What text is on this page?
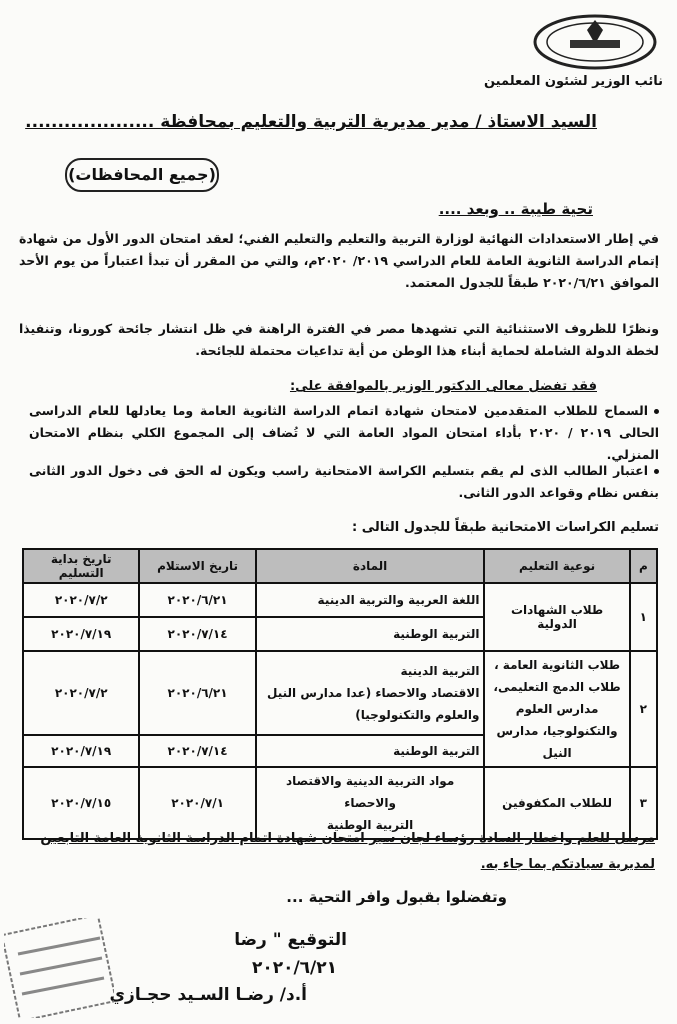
نائب الوزير لشئون المعلمين
السيد الاستاذ / مدير مديرية التربية والتعليم بمحافظة ....................
(جميع المحافظات)
تحية طيبة .. وبعد ....
في إطار الاستعدادات النهائية لوزارة التربية والتعليم والتعليم الفني؛ لعقد امتحان الدور الأول من شهادة إتمام الدراسة الثانوية العامة للعام الدراسي ٢٠١٩/ ٢٠٢٠م، والتي من المقرر أن تبدأ اعتباراً من يوم الأحد الموافق ٢٠٢٠/٦/٢١ طبقاً للجدول المعتمد.
ونظرًا للظروف الاستثنائية التي تشهدها مصر في الفترة الراهنة في ظل انتشار جائحة كورونا، وتنفيذا لخطة الدولة الشاملة لحماية أبناء هذا الوطن من أية تداعيات محتملة للجائحة.
فقد تفضل معالى الدكتور الوزير بالموافقة على:
السماح للطلاب المتقدمين لامتحان شهادة اتمام الدراسة الثانوية العامة وما يعادلها للعام الدراسى الحالى ٢٠١٩ / ٢٠٢٠ بأداء امتحان المواد العامة التي لا تُضاف إلى المجموع الكلي بنظام الامتحان المنزلي.
اعتبار الطالب الذى لم يقم بتسليم الكراسة الامتحانية راسب ويكون له الحق فى دخول الدور الثانى بنفس نظام وقواعد الدور الثانى.
تسليم الكراسات الامتحانية طبقاً للجدول التالى :
م	نوعية التعليم	المادة	تاريخ الاستلام	تاريخ بداية التسليم
١	طلاب الشهادات الدولية	اللغة العربية والتربية الدينية	٢٠٢٠/٦/٢١	٢٠٢٠/٧/٢
		التربية الوطنية	٢٠٢٠/٧/١٤	٢٠٢٠/٧/١٩
٢	طلاب الثانوية العامة ، طلاب الدمج التعليمى، مدارس العلوم والتكنولوجيا، مدارس النيل	التربية الدينية
الاقتصاد والاحصاء (عدا مدارس النيل والعلوم والتكنولوجيا)	٢٠٢٠/٦/٢١	٢٠٢٠/٧/٢
		التربية الوطنية	٢٠٢٠/٧/١٤	٢٠٢٠/٧/١٩
٣	للطلاب المكفوفين	مواد التربية الدينية والاقتصاد والاحصاء
التربية الوطنية	٢٠٢٠/٧/١	٢٠٢٠/٧/١٥
مرسل للعلم واخطار السادة رؤساء لجان سير امتحان شهادة اتمام الدراسة الثانوية العامة التابعين لمديرية سيادتكم بما جاء به.
وتفضلوا بقبول وافر التحية ...
التوقيع " رضا
٢٠٢٠/٦/٢١
أ.د/ رضـا السـيد حجـازي
